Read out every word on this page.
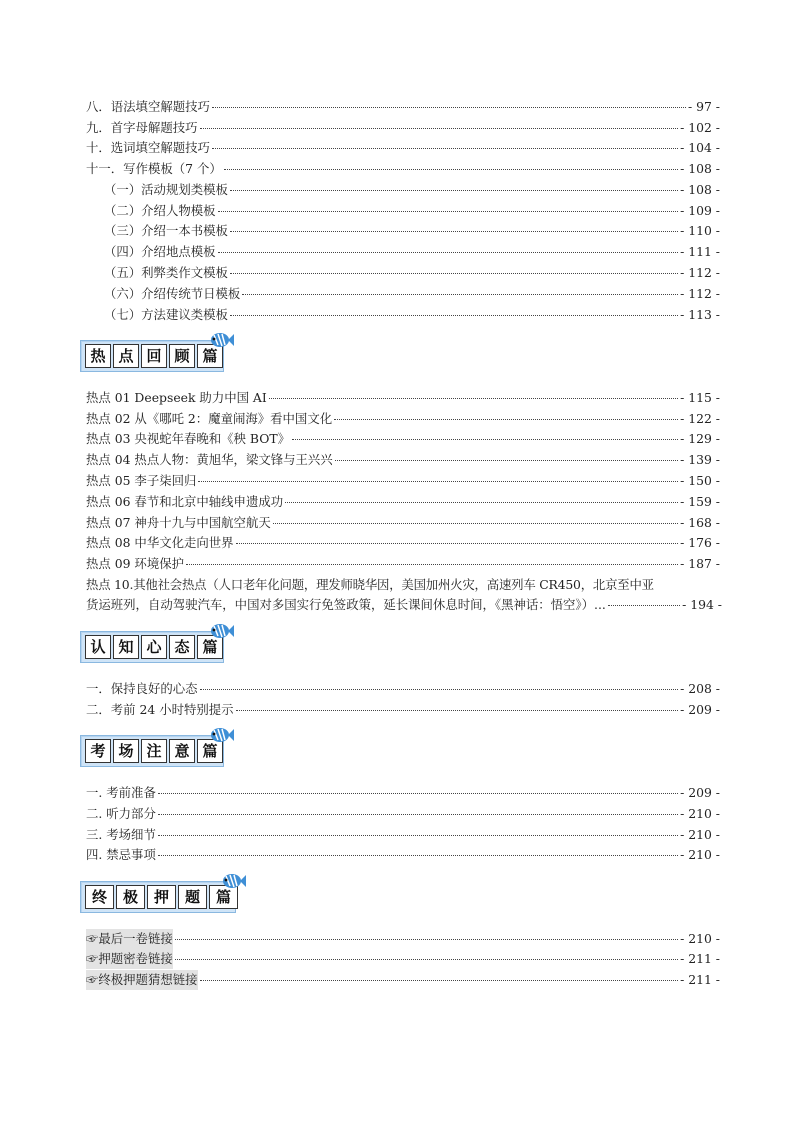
八．语法填空解题技巧	- 97 -
九．首字母解题技巧	- 102 -
十．选词填空解题技巧	- 104 -
十一．写作模板（7 个）	- 108 -
（一）活动规划类模板	- 108 -
（二）介绍人物模板	- 109 -
（三）介绍一本书模板	- 110 -
（四）介绍地点模板	- 111 -
（五）利弊类作文模板	- 112 -
（六）介绍传统节日模板	- 112 -
（七）方法建议类模板	- 113 -
热 点 回 顾 篇
热点 01 Deepseek 助力中国 AI	- 115 -
热点 02 从《哪吒 2：魔童闹海》看中国文化	- 122 -
热点 03 央视蛇年春晚和《秧 BOT》	- 129 -
热点 04 热点人物：黄旭华，梁文锋与王兴兴	- 139 -
热点 05 李子柒回归	- 150 -
热点 06 春节和北京中轴线申遗成功	- 159 -
热点 07 神舟十九与中国航空航天	- 168 -
热点 08 中华文化走向世界	- 176 -
热点 09 环境保护	- 187 -
热点 10.其他社会热点（人口老年化问题，理发师晓华因，美国加州火灾，高速列车 CR450，北京至中亚
货运班列，自动驾驶汽车，中国对多国实行免签政策，延长课间休息时间，《黑神话：悟空》）...	- 194 -
认 知 心 态 篇
一．保持良好的心态	- 208 -
二．考前 24 小时特别提示	- 209 -
考 场 注 意 篇
一. 考前准备	- 209 -
二. 听力部分	- 210 -
三. 考场细节	- 210 -
四. 禁忌事项	- 210 -
终	极	押	题	篇
☞最后一卷链接	- 210 -
☞押题密卷链接	- 211 -
☞终极押题猜想链接	- 211 -
